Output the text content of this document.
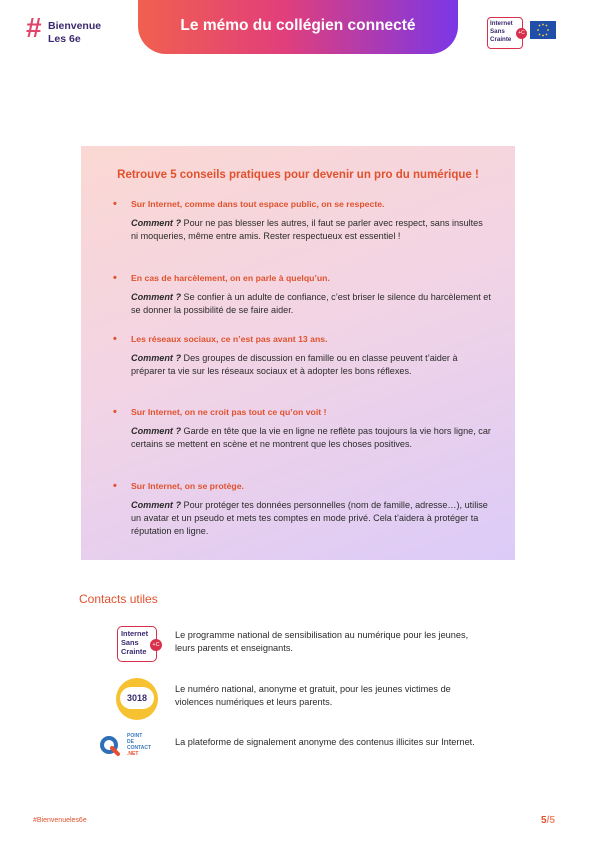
# Bienvenue
Les 6e
Le mémo du collégien connecté	Internet
Sans
Crainte
+C
Retrouve 5 conseils pratiques pour devenir un pro du numérique !
• Sur Internet, comme dans tout espace public, on se respecte.
Comment ? Pour ne pas blesser les autres, il faut se parler avec respect, sans insultes ni moqueries, même entre amis. Rester respectueux est essentiel !
• En cas de harcèlement, on en parle à quelqu’un.
Comment ? Se confier à un adulte de confiance, c’est briser le silence du harcèlement et se donner la possibilité de se faire aider.
• Les réseaux sociaux, ce n’est pas avant 13 ans.
Comment ? Des groupes de discussion en famille ou en classe peuvent t’aider à préparer ta vie sur les réseaux sociaux et à adopter les bons réflexes.
• Sur Internet, on ne croit pas tout ce qu’on voit !
Comment ? Garde en tête que la vie en ligne ne reflète pas toujours la vie hors ligne, car certains se mettent en scène et ne montrent que les choses positives.
• Sur Internet, on se protège.
Comment ? Pour protéger tes données personnelles (nom de famille, adresse…), utilise un avatar et un pseudo et mets tes comptes en mode privé. Cela t’aidera à protéger ta réputation en ligne.
Contacts utiles
Internet
Sans
Crainte
+C
Le programme national de sensibilisation au numérique pour les jeunes, leurs parents et enseignants.
3018
Le numéro national, anonyme et gratuit, pour les jeunes victimes de violences numériques et leurs parents.
POINT
DE
CONTACT
.NET
La plateforme de signalement anonyme des contenus illicites sur Internet.
#Bienvenueles6e	5/5
